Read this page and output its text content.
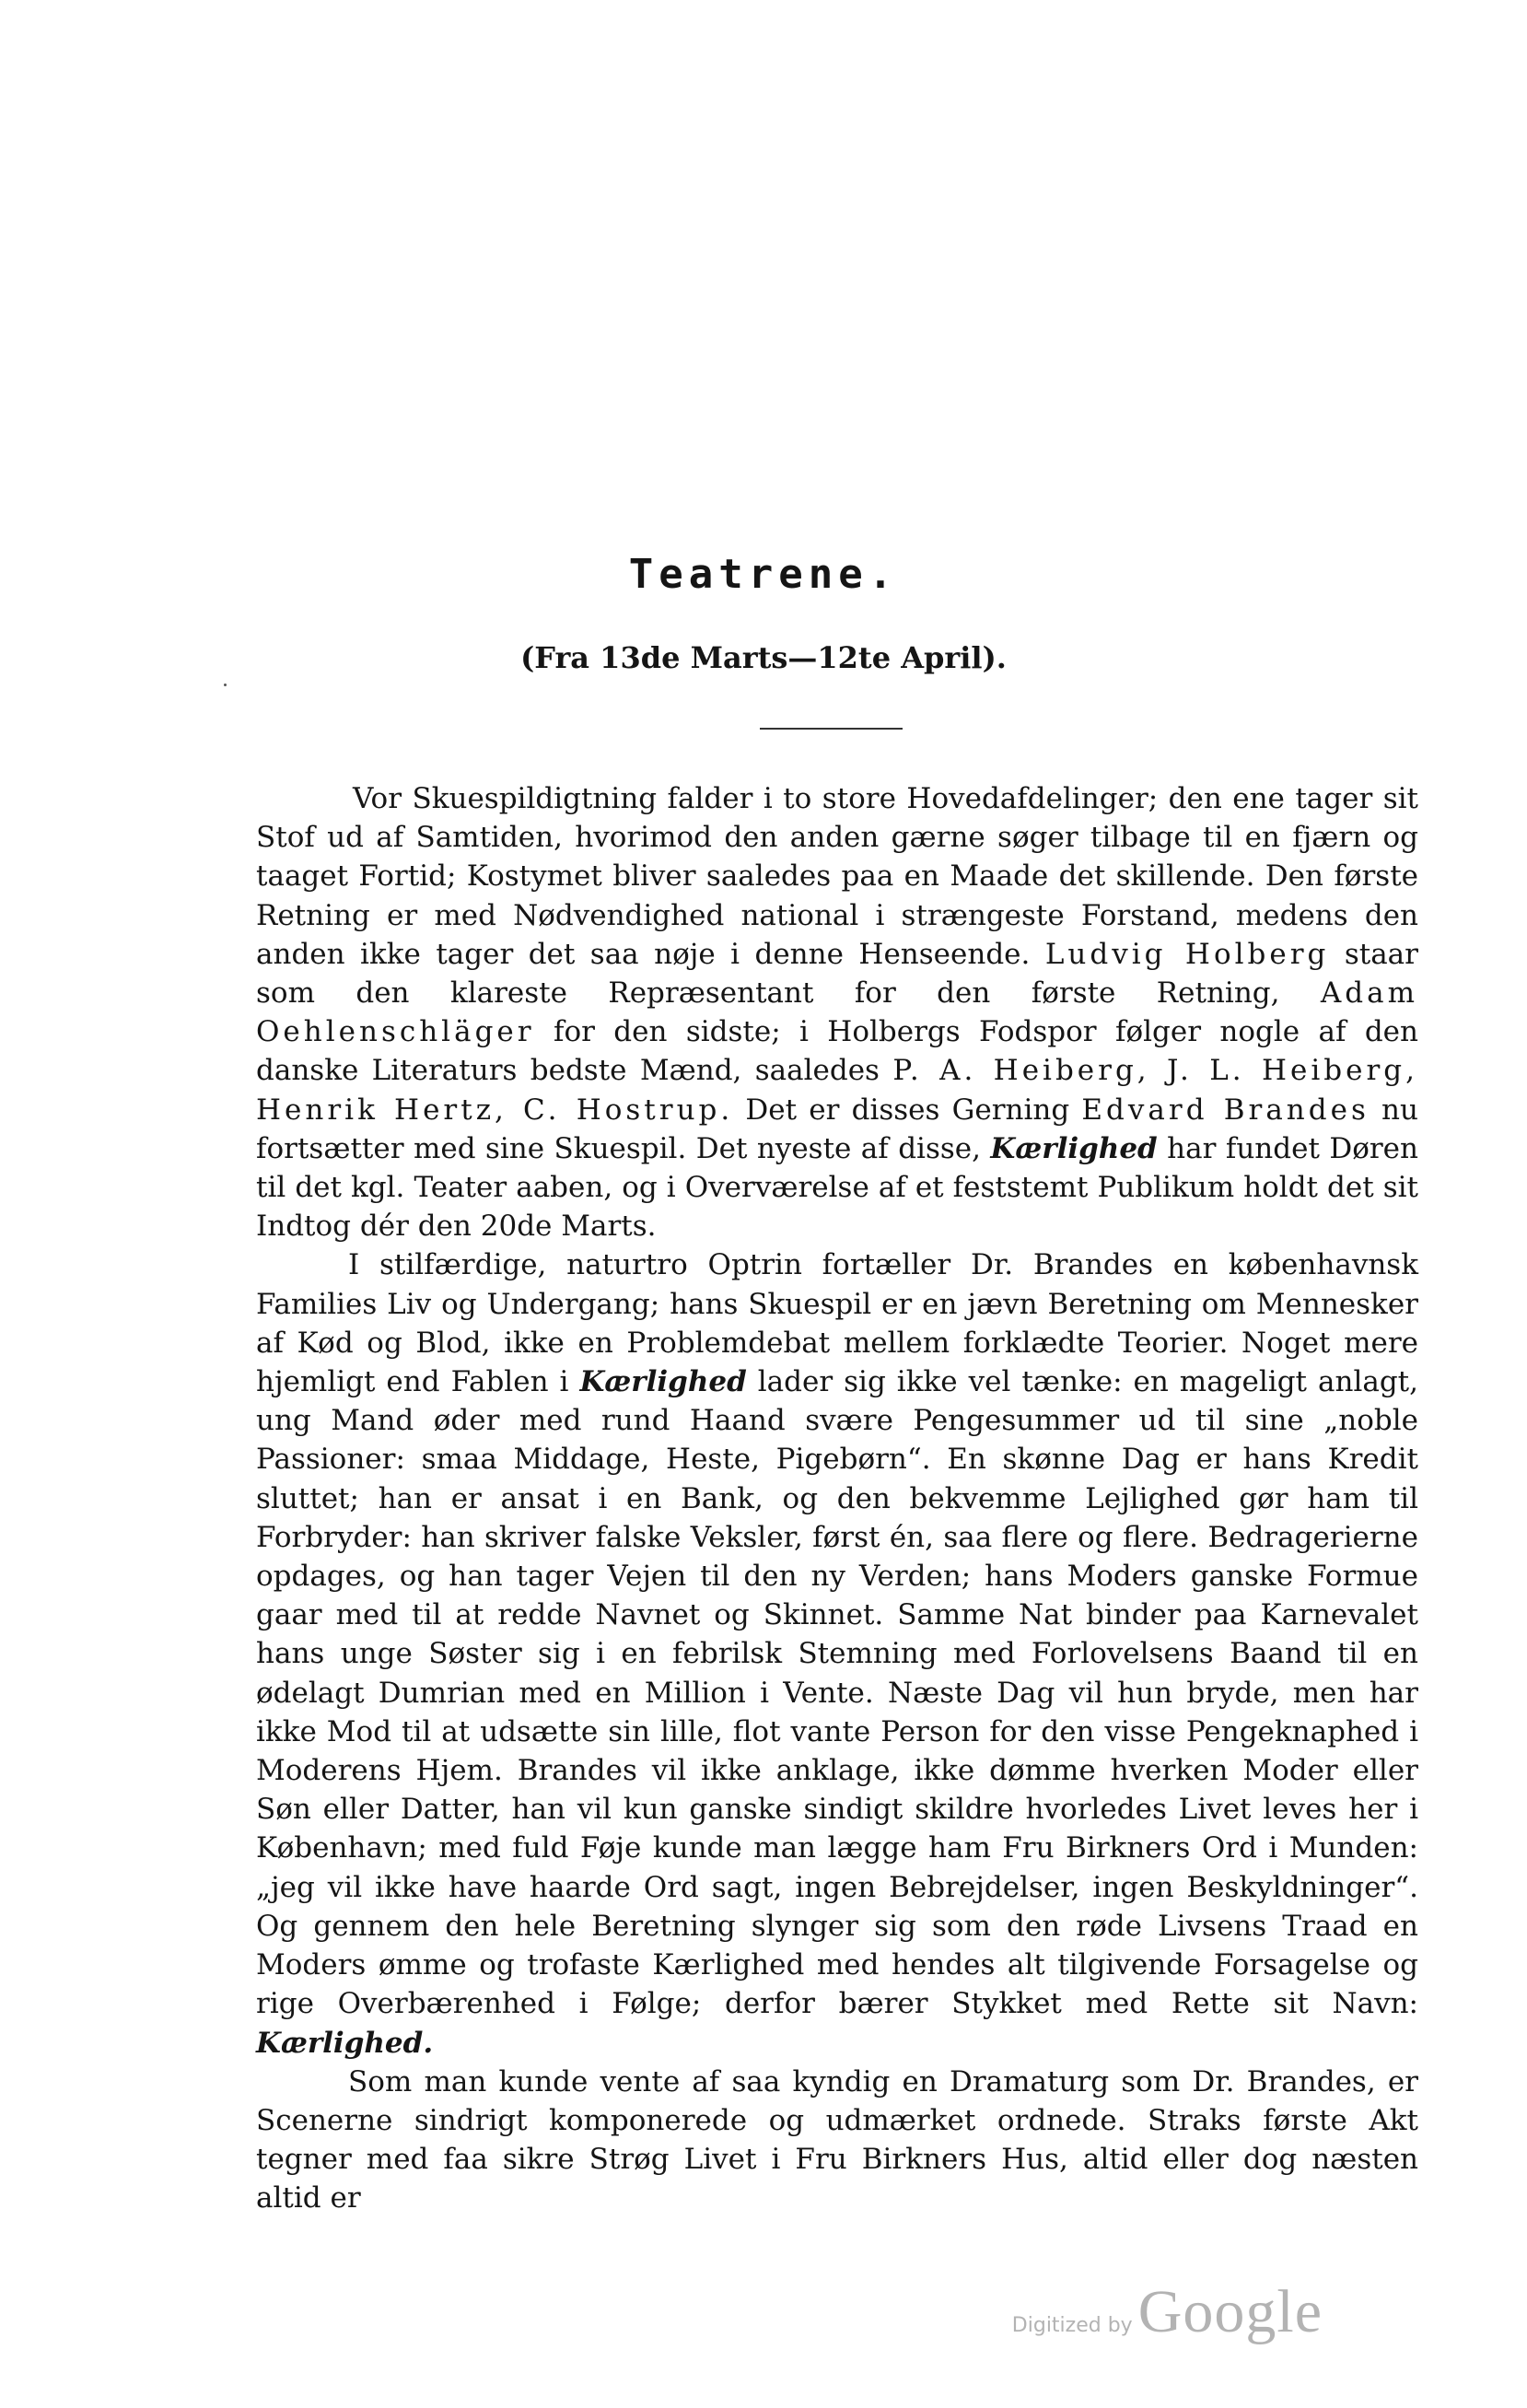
Teatrene.
(Fra 13de Marts—12te April).

Vor Skuespildigtning falder i to store Hovedafdelinger; den ene tager sit Stof ud af Samtiden, hvorimod den anden gærne søger tilbage til en fjærn og taaget Fortid; Kostymet bliver saaledes paa en Maade det skillende. Den første Retning er med Nødvendighed national i strængeste Forstand, medens den anden ikke tager det saa nøje i denne Henseende. Ludvig Holberg staar som den klareste Repræsentant for den første Retning, Adam Oehlenschläger for den sidste; i Holbergs Fodspor følger nogle af den danske Literaturs bedste Mænd, saaledes P. A. Heiberg, J. L. Heiberg, Henrik Hertz, C. Hostrup. Det er disses Gerning Edvard Brandes nu fortsætter med sine Skuespil. Det nyeste af disse, Kærlighed har fundet Døren til det kgl. Teater aaben, og i Overværelse af et feststemt Publikum holdt det sit Indtog dér den 20de Marts.

I stilfærdige, naturtro Optrin fortæller Dr. Brandes en københavnsk Families Liv og Undergang; hans Skuespil er en jævn Beretning om Mennesker af Kød og Blod, ikke en Problemdebat mellem forklædte Teorier. Noget mere hjemligt end Fablen i Kærlighed lader sig ikke vel tænke: en mageligt anlagt, ung Mand øder med rund Haand svære Pengesummer ud til sine „noble Passioner: smaa Middage, Heste, Pigebørn“. En skønne Dag er hans Kredit sluttet; han er ansat i en Bank, og den bekvemme Lejlighed gør ham til Forbryder: han skriver falske Veksler, først én, saa flere og flere. Bedragerierne opdages, og han tager Vejen til den ny Verden; hans Moders ganske Formue gaar med til at redde Navnet og Skinnet. Samme Nat binder paa Karnevalet hans unge Søster sig i en febrilsk Stemning med Forlovelsens Baand til en ødelagt Dumrian med en Million i Vente. Næste Dag vil hun bryde, men har ikke Mod til at udsætte sin lille, flot vante Person for den visse Pengeknaphed i Moderens Hjem. Brandes vil ikke anklage, ikke dømme hverken Moder eller Søn eller Datter, han vil kun ganske sindigt skildre hvorledes Livet leves her i København; med fuld Føje kunde man lægge ham Fru Birkners Ord i Munden: „jeg vil ikke have haarde Ord sagt, ingen Bebrejdelser, ingen Beskyldninger“. Og gennem den hele Beretning slynger sig som den røde Livsens Traad en Moders ømme og trofaste Kærlighed med hendes alt tilgivende Forsagelse og rige Overbærenhed i Følge; derfor bærer Stykket med Rette sit Navn: Kærlighed.

Som man kunde vente af saa kyndig en Dramaturg som Dr. Brandes, er Scenerne sindrigt komponerede og udmærket ordnede. Straks første Akt tegner med faa sikre Strøg Livet i Fru Birkners Hus, altid eller dog næsten altid er

Digitized by Google
